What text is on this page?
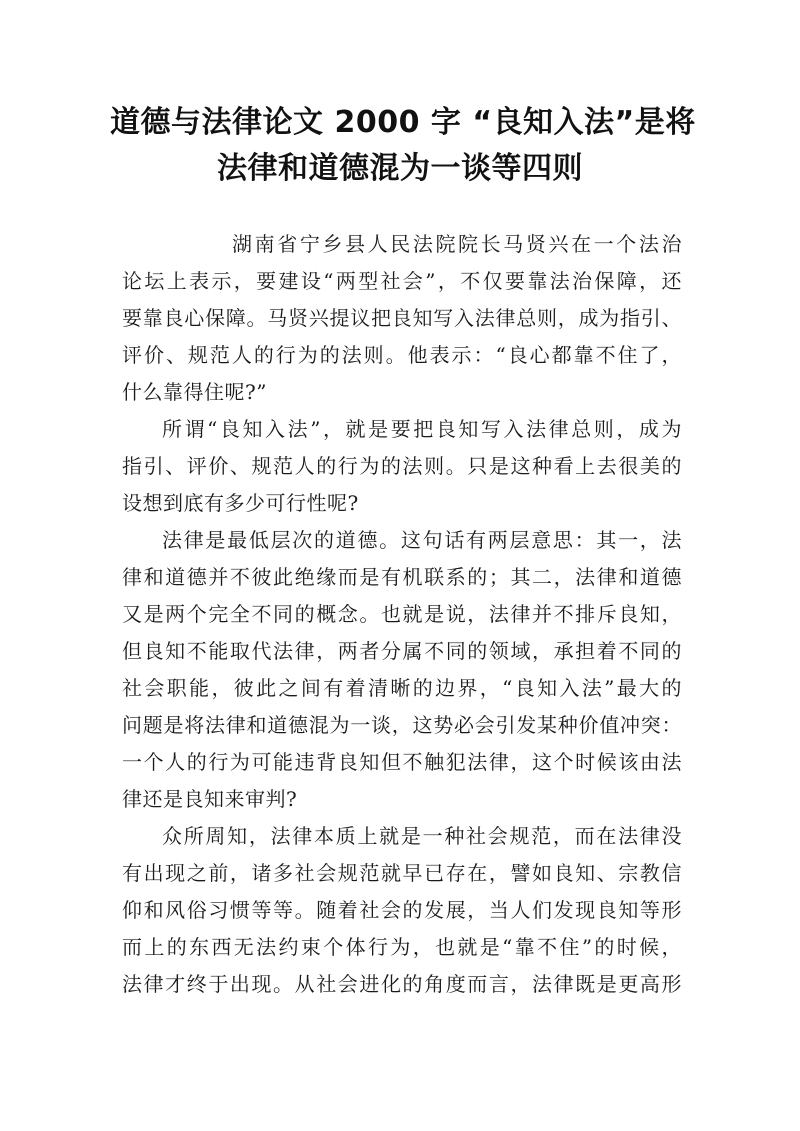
道德与法律论文 2000 字 “良知入法”是将
法律和道德混为一谈等四则
湖南省宁乡县人民法院院长马贤兴在一个法治
论坛上表示，要建设“两型社会”，不仅要靠法治保障，还
要靠良心保障。马贤兴提议把良知写入法律总则，成为指引、
评价、规范人的行为的法则。他表示：“良心都靠不住了，
什么靠得住呢?”
所谓“良知入法”，就是要把良知写入法律总则，成为
指引、评价、规范人的行为的法则。只是这种看上去很美的
设想到底有多少可行性呢?
法律是最低层次的道德。这句话有两层意思：其一，法
律和道德并不彼此绝缘而是有机联系的；其二，法律和道德
又是两个完全不同的概念。也就是说，法律并不排斥良知，
但良知不能取代法律，两者分属不同的领域，承担着不同的
社会职能，彼此之间有着清晰的边界，“良知入法”最大的
问题是将法律和道德混为一谈，这势必会引发某种价值冲突：
一个人的行为可能违背良知但不触犯法律，这个时候该由法
律还是良知来审判?
众所周知，法律本质上就是一种社会规范，而在法律没
有出现之前，诸多社会规范就早已存在，譬如良知、宗教信
仰和风俗习惯等等。随着社会的发展，当人们发现良知等形
而上的东西无法约束个体行为，也就是“靠不住”的时候，
法律才终于出现。从社会进化的角度而言，法律既是更高形
